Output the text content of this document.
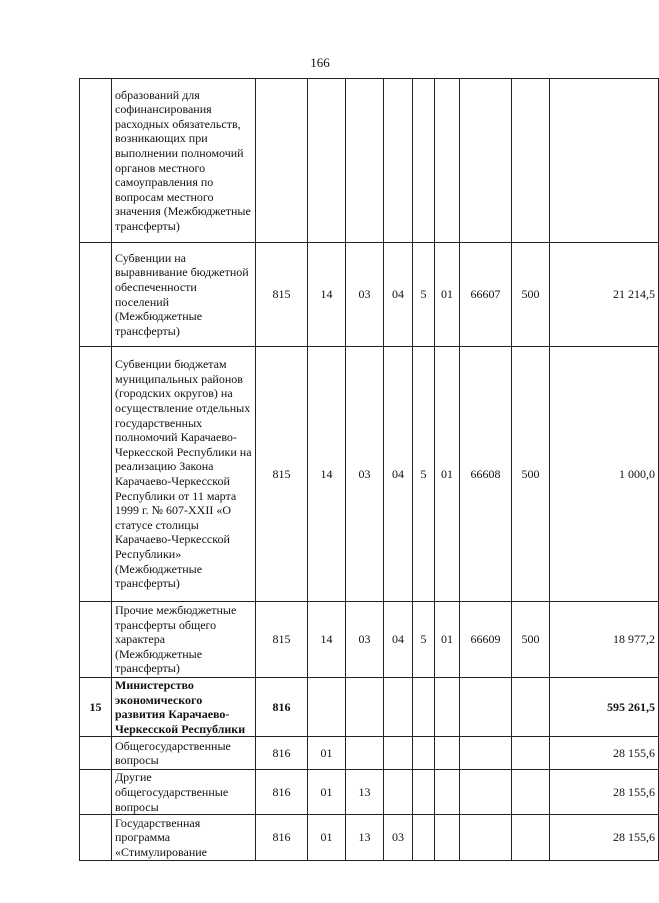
166
	образований для софинансирования расходных обязательств, возникающих при выполнении полномочий органов местного самоуправления по вопросам местного значения (Межбюджетные трансферты)									
	Субвенции на выравнивание бюджетной обеспеченности поселений (Межбюджетные трансферты)	815	14	03	04	5	01	66607	500	21 214,5
	Субвенции бюджетам муниципальных районов (городских округов) на осуществление отдельных государственных полномочий Карачаево-Черкесской Республики на реализацию Закона Карачаево-Черкесской Республики от 11 марта 1999 г. № 607-XXII «О статусе столицы Карачаево-Черкесской Республики» (Межбюджетные трансферты)	815	14	03	04	5	01	66608	500	1 000,0
	Прочие межбюджетные трансферты общего характера (Межбюджетные трансферты)	815	14	03	04	5	01	66609	500	18 977,2
15	Министерство экономического развития Карачаево-Черкесской Республики	816								595 261,5
	Общегосударственные вопросы	816	01							28 155,6
	Другие общегосударственные вопросы	816	01	13						28 155,6
	Государственная программа «Стимулирование	816	01	13	03					28 155,6
